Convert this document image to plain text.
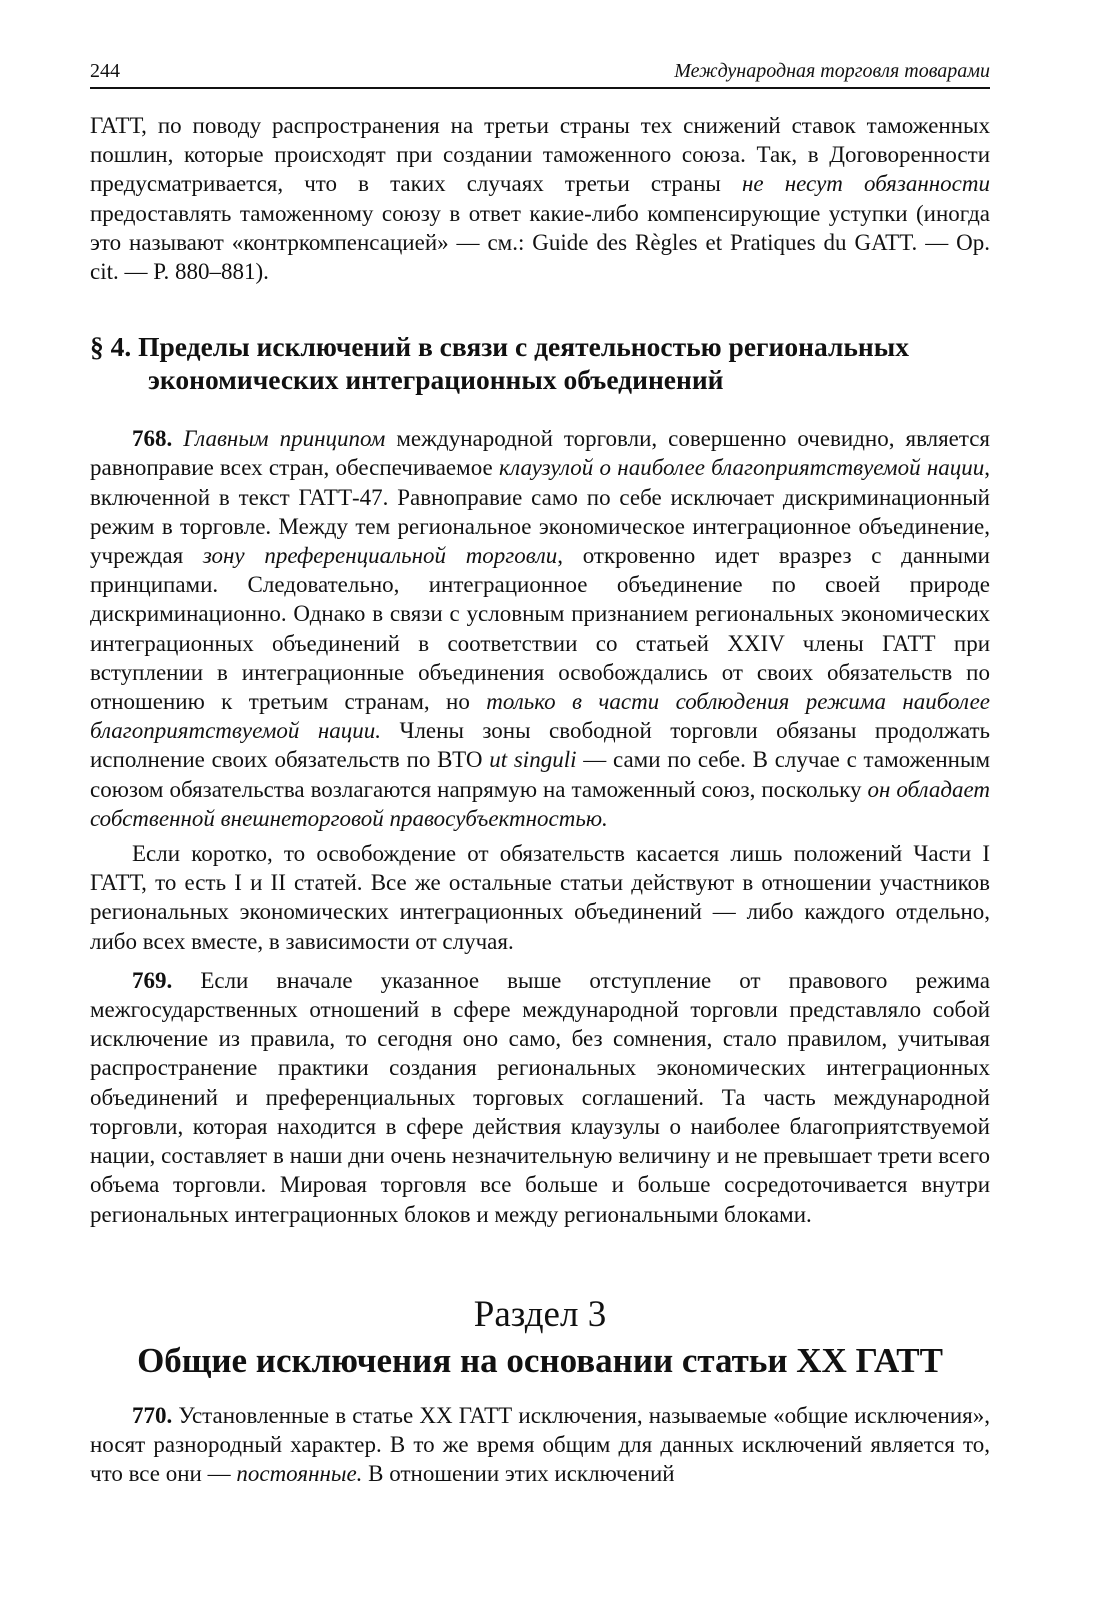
244	Международная торговля товарами

ГАТТ, по поводу распространения на третьи страны тех снижений ставок таможенных пошлин, которые происходят при создании таможенного союза. Так, в Договоренности предусматривается, что в таких случаях третьи страны не несут обязанности предоставлять таможенному союзу в ответ какие-либо компенсирующие уступки (иногда это называют «контркомпенсацией» — см.: Guide des Règles et Pratiques du GATT. — Op. cit. — P. 880–881).

§ 4. Пределы исключений в связи с деятельностью региональных экономических интеграционных объединений

768. Главным принципом международной торговли, совершенно очевидно, является равноправие всех стран, обеспечиваемое клаузулой о наиболее благоприятствуемой нации, включенной в текст ГАТТ-47. Равноправие само по себе исключает дискриминационный режим в торговле. Между тем региональное экономическое интеграционное объединение, учреждая зону преференциальной торговли, откровенно идет вразрез с данными принципами. Следовательно, интеграционное объединение по своей природе дискриминационно. Однако в связи с условным признанием региональных экономических интеграционных объединений в соответствии со статьей XXIV члены ГАТТ при вступлении в интеграционные объединения освобождались от своих обязательств по отношению к третьим странам, но только в части соблюдения режима наиболее благоприятствуемой нации. Члены зоны свободной торговли обязаны продолжать исполнение своих обязательств по ВТО ut singuli — сами по себе. В случае с таможенным союзом обязательства возлагаются напрямую на таможенный союз, поскольку он обладает собственной внешнеторговой правосубъектностью.

Если коротко, то освобождение от обязательств касается лишь положений Части I ГАТТ, то есть I и II статей. Все же остальные статьи действуют в отношении участников региональных экономических интеграционных объединений — либо каждого отдельно, либо всех вместе, в зависимости от случая.

769. Если вначале указанное выше отступление от правового режима межгосударственных отношений в сфере международной торговли представляло собой исключение из правила, то сегодня оно само, без сомнения, стало правилом, учитывая распространение практики создания региональных экономических интеграционных объединений и преференциальных торговых соглашений. Та часть международной торговли, которая находится в сфере действия клаузулы о наиболее благоприятствуемой нации, составляет в наши дни очень незначительную величину и не превышает трети всего объема торговли. Мировая торговля все больше и больше сосредоточивается внутри региональных интеграционных блоков и между региональными блоками.

Раздел 3
Общие исключения на основании статьи XX ГАТТ

770. Установленные в статье XX ГАТТ исключения, называемые «общие исключения», носят разнородный характер. В то же время общим для данных исключений является то, что все они — постоянные. В отношении этих исключений
